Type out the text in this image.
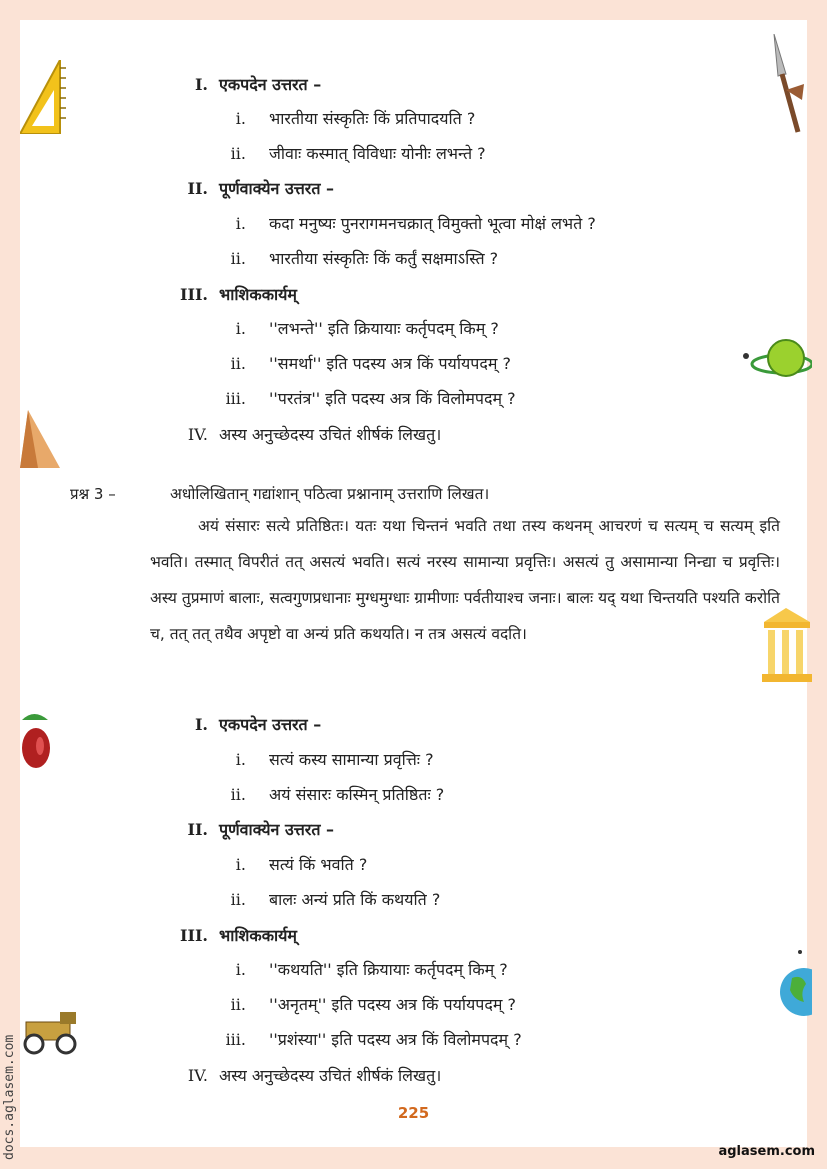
I. एकपदेन उत्तरत –
i. भारतीया संस्कृतिः किं प्रतिपादयति ?
ii. जीवाः कस्मात् विविधाः योनीः लभन्ते ?
II. पूर्णवाक्येन उत्तरत –
i. कदा मनुष्यः पुनरागमनचक्रात् विमुक्तो भूत्वा मोक्षं लभते ?
ii. भारतीया संस्कृतिः किं कर्तुं सक्षमाऽस्ति ?
III. भाशिककार्यम्
i. ''लभन्ते'' इति क्रियायाः कर्तृपदम् किम् ?
ii. ''समर्था'' इति पदस्य अत्र किं पर्यायपदम् ?
iii. ''परतंत्र'' इति पदस्य अत्र किं विलोमपदम् ?
IV. अस्य अनुच्छेदस्य उचितं शीर्षकं लिखतु।
प्रश्न 3 –	अधोलिखितान् गद्यांशान् पठित्वा प्रश्नानाम् उत्तराणि लिखत।

अयं संसारः सत्ये प्रतिष्ठितः। यतः यथा चिन्तनं भवति तथा तस्य कथनम् आचरणं च सत्यम् च सत्यम् इति भवति। तस्मात् विपरीतं तत् असत्यं भवति। सत्यं नरस्य सामान्या प्रवृत्तिः। असत्यं तु असामान्या निन्द्या च प्रवृत्तिः। अस्य तुप्रमाणं बालाः, सत्वगुणप्रधानाः मुग्धमुग्धाः ग्रामीणाः पर्वतीयाश्च जनाः। बालः यद् यथा चिन्तयति पश्यति करोति च, तत् तत् तथैव अपृष्टो वा अन्यं प्रति कथयति। न तत्र असत्यं वदति।

I. एकपदेन उत्तरत –
i. सत्यं कस्य सामान्या प्रवृत्तिः ?
ii. अयं संसारः कस्मिन् प्रतिष्ठितः ?
II. पूर्णवाक्येन उत्तरत –
i. सत्यं किं भवति ?
ii. बालः अन्यं प्रति किं कथयति ?
III. भाशिककार्यम्
i. ''कथयति'' इति क्रियायाः कर्तृपदम् किम् ?
ii. ''अनृतम्'' इति पदस्य अत्र किं पर्यायपदम् ?
iii. ''प्रशंस्या'' इति पदस्य अत्र किं विलोमपदम् ?
IV. अस्य अनुच्छेदस्य उचितं शीर्षकं लिखतु।
225
aglasem.com
docs.aglasem.com
